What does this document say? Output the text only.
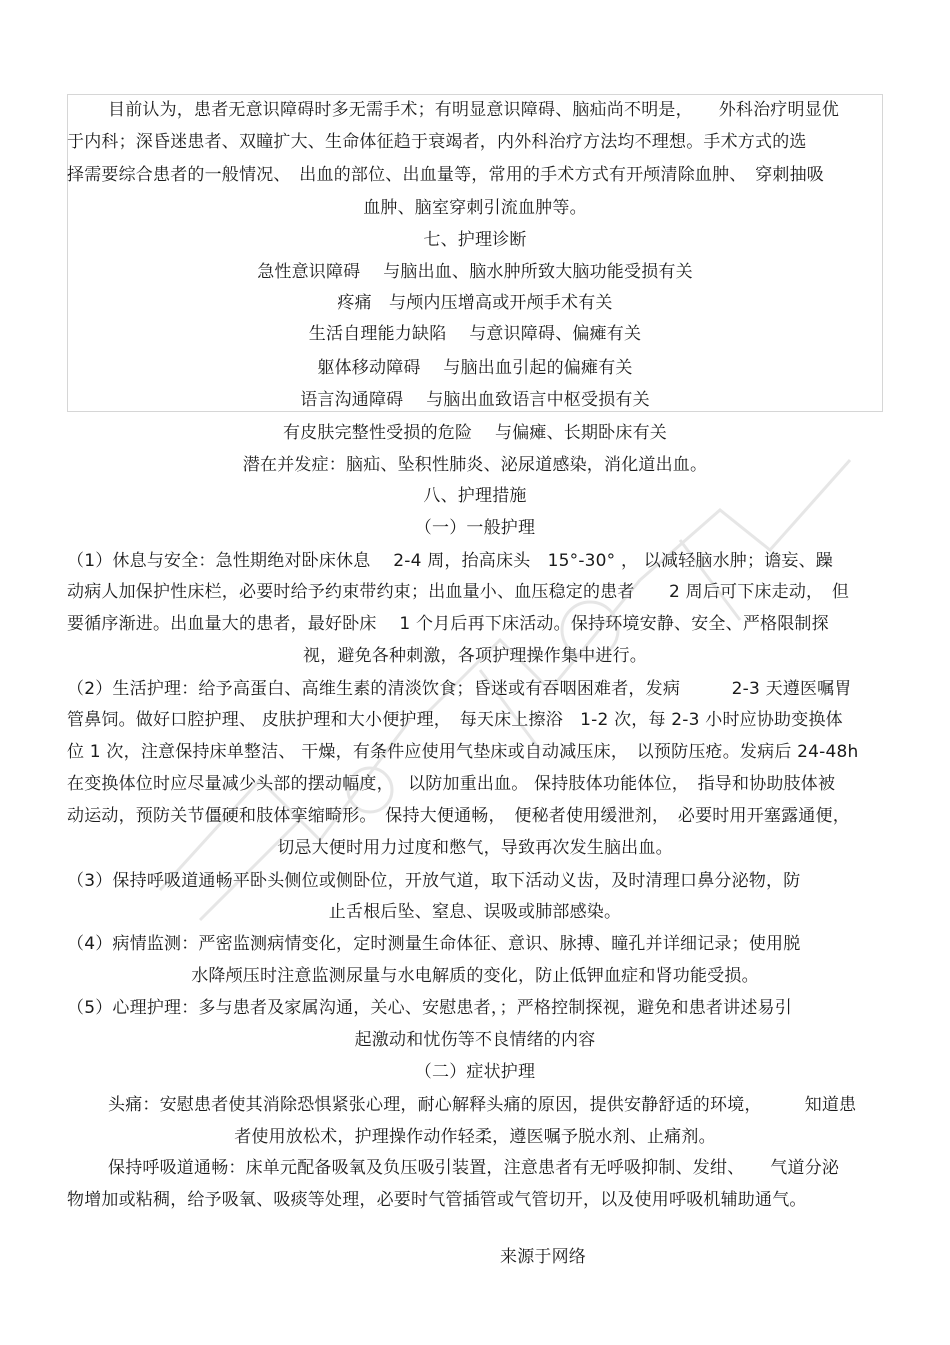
目前认为，患者无意识障碍时多无需手术；有明显意识障碍、脑疝尚不明是，　　外科治疗明显优

于内科；深昏迷患者、双瞳扩大、生命体征趋于衰竭者，内外科治疗方法均不理想。手术方式的选

择需要综合患者的一般情况、　出血的部位、出血量等，常用的手术方式有开颅清除血肿、　穿刺抽吸

血肿、脑室穿刺引流血肿等。

七、护理诊断

急性意识障碍　 与脑出血、脑水肿所致大脑功能受损有关

疼痛　与颅内压增高或开颅手术有关

生活自理能力缺陷　 与意识障碍、偏瘫有关

躯体移动障碍　 与脑出血引起的偏瘫有关

语言沟通障碍　 与脑出血致语言中枢受损有关

有皮肤完整性受损的危险　 与偏瘫、长期卧床有关

潜在并发症：脑疝、坠积性肺炎、泌尿道感染，消化道出血。

八、护理措施

（一）一般护理

（1）休息与安全：急性期绝对卧床休息　 2-4 周，抬高床头　15°-30° ， 以减轻脑水肿；谵妄、躁

动病人加保护性床栏，必要时给予约束带约束；出血量小、血压稳定的患者　　2 周后可下床走动，　但

要循序渐进。出血量大的患者，最好卧床　 1 个月后再下床活动。保持环境安静、安全、严格限制探

视，避免各种刺激，各项护理操作集中进行。

（2）生活护理：给予高蛋白、高维生素的清淡饮食；昏迷或有吞咽困难者，发病　　　2-3 天遵医嘱胃

管鼻饲。做好口腔护理、 皮肤护理和大小便护理，　每天床上擦浴　1-2 次，每 2-3 小时应协助变换体

位 1 次，注意保持床单整洁、 干燥，有条件应使用气垫床或自动减压床，　以预防压疮。发病后 24-48h

在变换体位时应尽量减少头部的摆动幅度，　 以防加重出血。 保持肢体功能体位，　指导和协助肢体被

动运动，预防关节僵硬和肢体挛缩畸形。　保持大便通畅，　便秘者使用缓泄剂，　必要时用开塞露通便，

切忌大便时用力过度和憋气，导致再次发生脑出血。

（3）保持呼吸道通畅平卧头侧位或侧卧位，开放气道，取下活动义齿，及时清理口鼻分泌物，防

止舌根后坠、窒息、误吸或肺部感染。

（4）病情监测：严密监测病情变化，定时测量生命体征、意识、脉搏、瞳孔并详细记录；使用脱

水降颅压时注意监测尿量与水电解质的变化，防止低钾血症和肾功能受损。

（5）心理护理：多与患者及家属沟通，关心、安慰患者，；严格控制探视，避免和患者讲述易引

起激动和忧伤等不良情绪的内容

（二）症状护理

头痛：安慰患者使其消除恐惧紧张心理，耐心解释头痛的原因，提供安静舒适的环境，　　　知道患

者使用放松术，护理操作动作轻柔，遵医嘱予脱水剂、止痛剂。

保持呼吸道通畅：床单元配备吸氧及负压吸引装置，注意患者有无呼吸抑制、发绀、　　气道分泌

物增加或粘稠，给予吸氧、吸痰等处理，必要时气管插管或气管切开，以及使用呼吸机辅助通气。

来源于网络
